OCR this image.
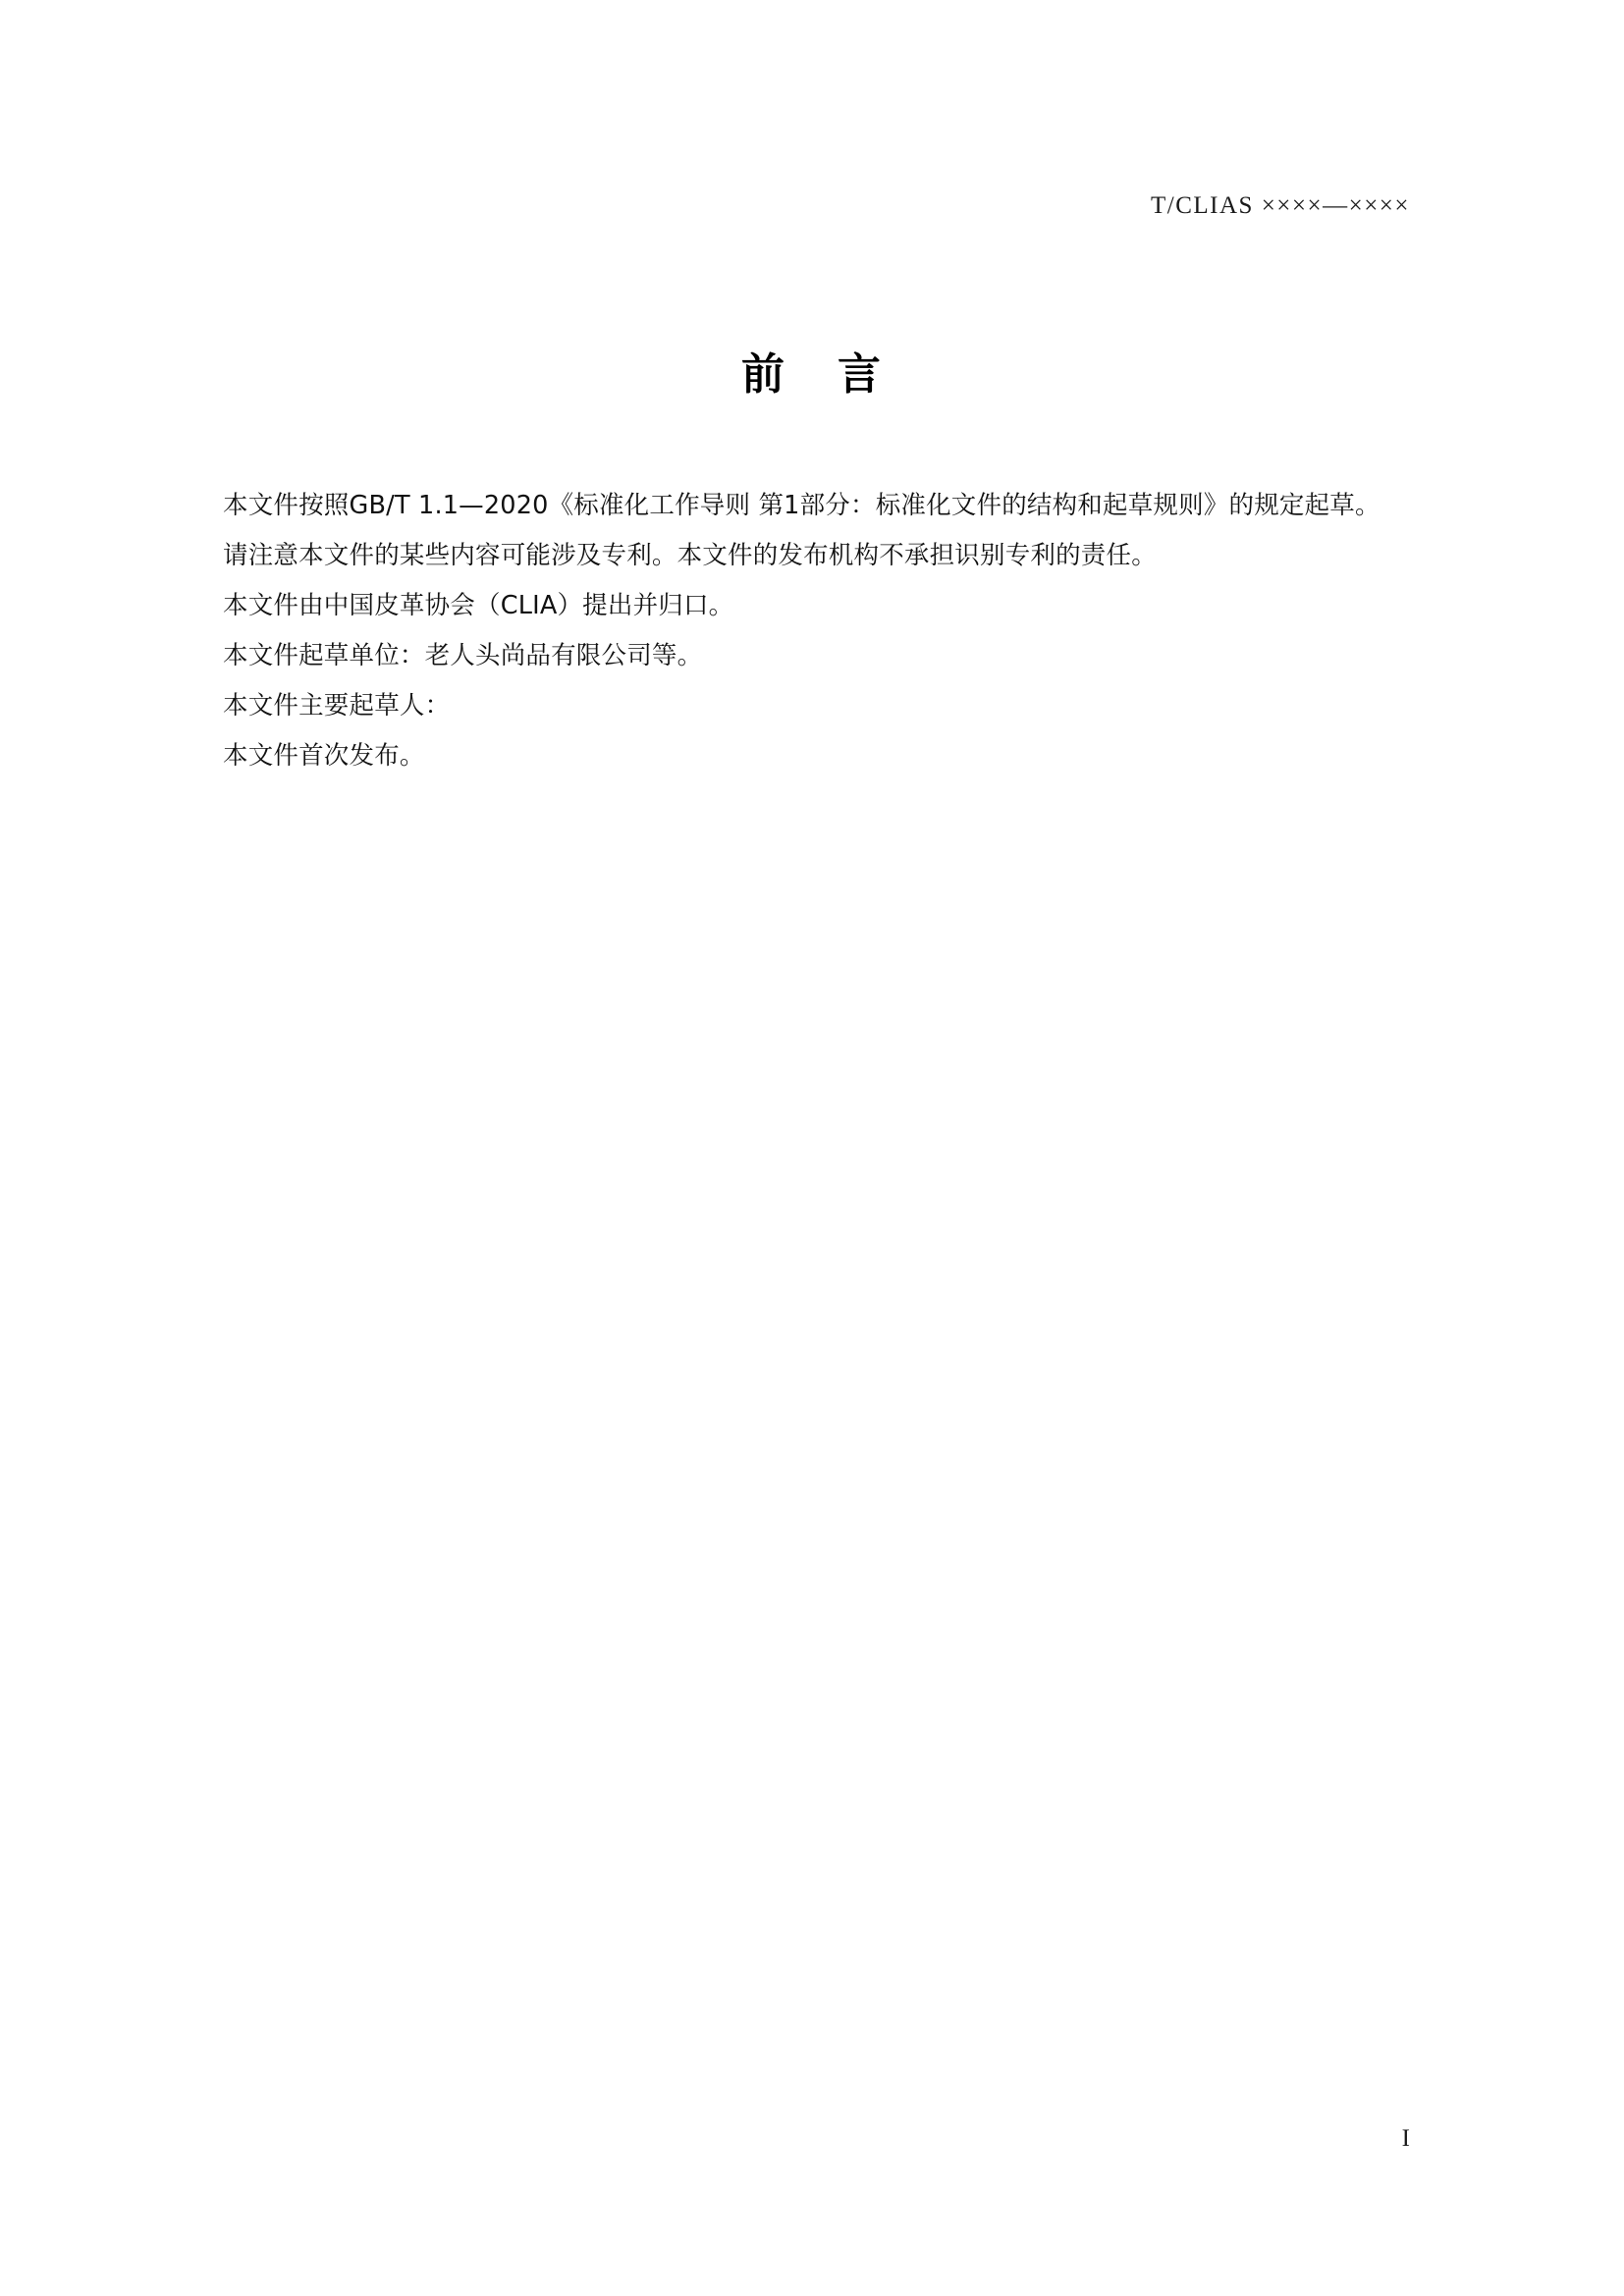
T/CLIAS ××××—××××
前 言

本文件按照GB/T 1.1—2020《标准化工作导则 第1部分：标准化文件的结构和起草规则》的规定起草。

请注意本文件的某些内容可能涉及专利。本文件的发布机构不承担识别专利的责任。

本文件由中国皮革协会（CLIA）提出并归口。

本文件起草单位：老人头尚品有限公司等。

本文件主要起草人：

本文件首次发布。

I
